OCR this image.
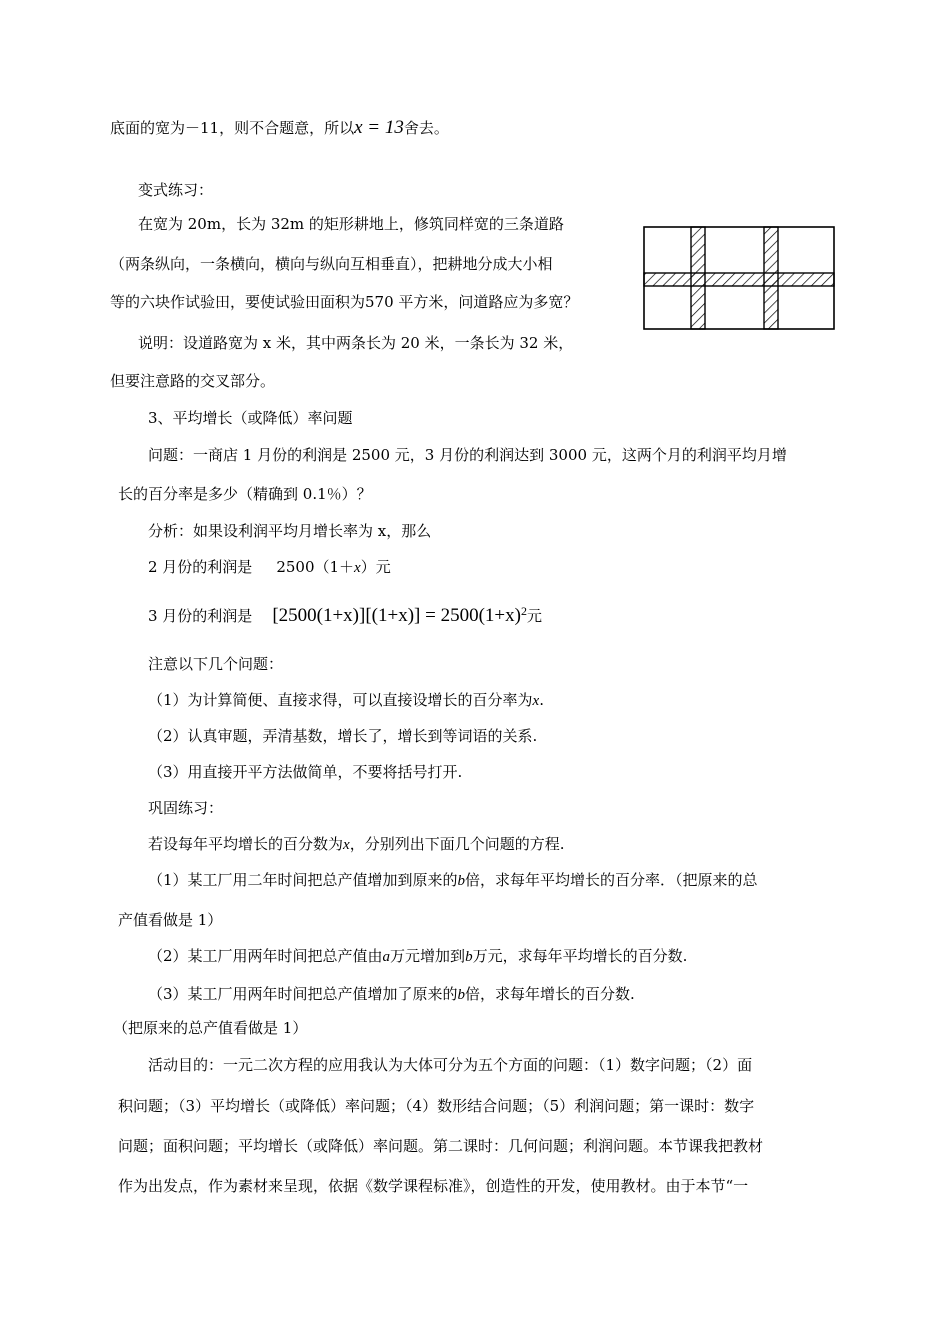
底面的宽为－11，则不合题意，所以x = 13舍去。
变式练习：
在宽为 20m，长为 32m 的矩形耕地上，修筑同样宽的三条道路
（两条纵向，一条横向，横向与纵向互相垂直），把耕地分成大小相
等的六块作试验田，要使试验田面积为570 平方米，问道路应为多宽？
说明：设道路宽为 x 米，其中两条长为 20 米，一条长为 32 米，
但要注意路的交叉部分。
3、平均增长（或降低）率问题
问题：一商店 1 月份的利润是 2500 元，3 月份的利润达到 3000 元，这两个月的利润平均月增
长的百分率是多少（精确到 0.1％）？
分析：如果设利润平均月增长率为 x，那么
2 月份的利润是 2500（1＋x）元
3 月份的利润是 $[2500(1+x)][(1+x)] = 2500(1+x)^2$元
注意以下几个问题：
（1）为计算简便、直接求得，可以直接设增长的百分率为x.
（2）认真审题，弄清基数，增长了，增长到等词语的关系.
（3）用直接开平方法做简单，不要将括号打开.
巩固练习：
若设每年平均增长的百分数为x，分别列出下面几个问题的方程.
（1）某工厂用二年时间把总产值增加到原来的b倍，求每年平均增长的百分率．（把原来的总
产值看做是 1）
（2）某工厂用两年时间把总产值由a万元增加到b万元，求每年平均增长的百分数.
（3）某工厂用两年时间把总产值增加了原来的b倍，求每年增长的百分数.
（把原来的总产值看做是 1）
活动目的：一元二次方程的应用我认为大体可分为五个方面的问题：（1）数字问题；（2）面
积问题；（3）平均增长（或降低）率问题；（4）数形结合问题；（5）利润问题；第一课时：数字
问题；面积问题；平均增长（或降低）率问题。第二课时：几何问题；利润问题。本节课我把教材
作为出发点，作为素材来呈现，依据《数学课程标准》，创造性的开发，使用教材。由于本节“一
